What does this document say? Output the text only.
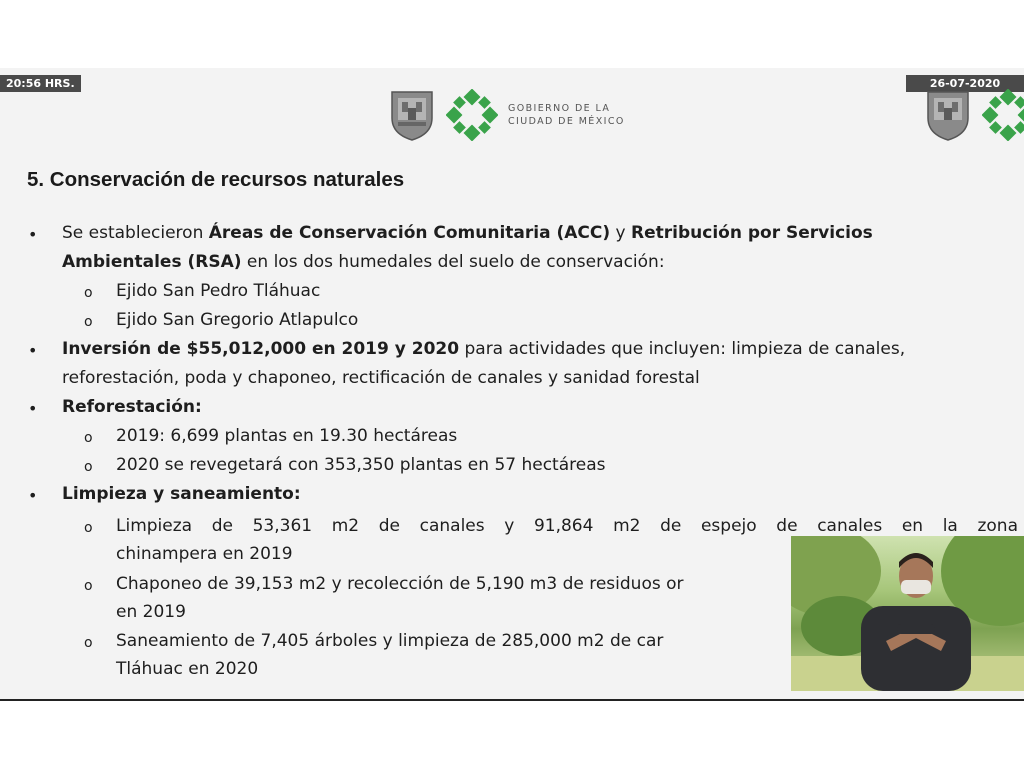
20:56 HRS.	26-07-2020
GOBIERNO DE LA
CIUDAD DE MÉXICO
5. Conservación de recursos naturales
• Se establecieron Áreas de Conservación Comunitaria (ACC) y Retribución por Servicios
Ambientales (RSA) en los dos humedales del suelo de conservación:
o Ejido San Pedro Tláhuac
o Ejido San Gregorio Atlapulco
• Inversión de $55,012,000 en 2019 y 2020 para actividades que incluyen: limpieza de canales,
reforestación, poda y chaponeo, rectificación de canales y sanidad forestal
• Reforestación:
o 2019: 6,699 plantas en 19.30 hectáreas
o 2020 se revegetará con 353,350 plantas en 57 hectáreas
• Limpieza y saneamiento:
o Limpieza de 53,361 m2 de canales y 91,864 m2 de espejo de canales en la zona
chinampera en 2019
o Chaponeo de 39,153 m2 y recolección de 5,190 m3 de residuos or
en 2019
o Saneamiento de 7,405 árboles y limpieza de 285,000 m2 de car
Tláhuac en 2020
